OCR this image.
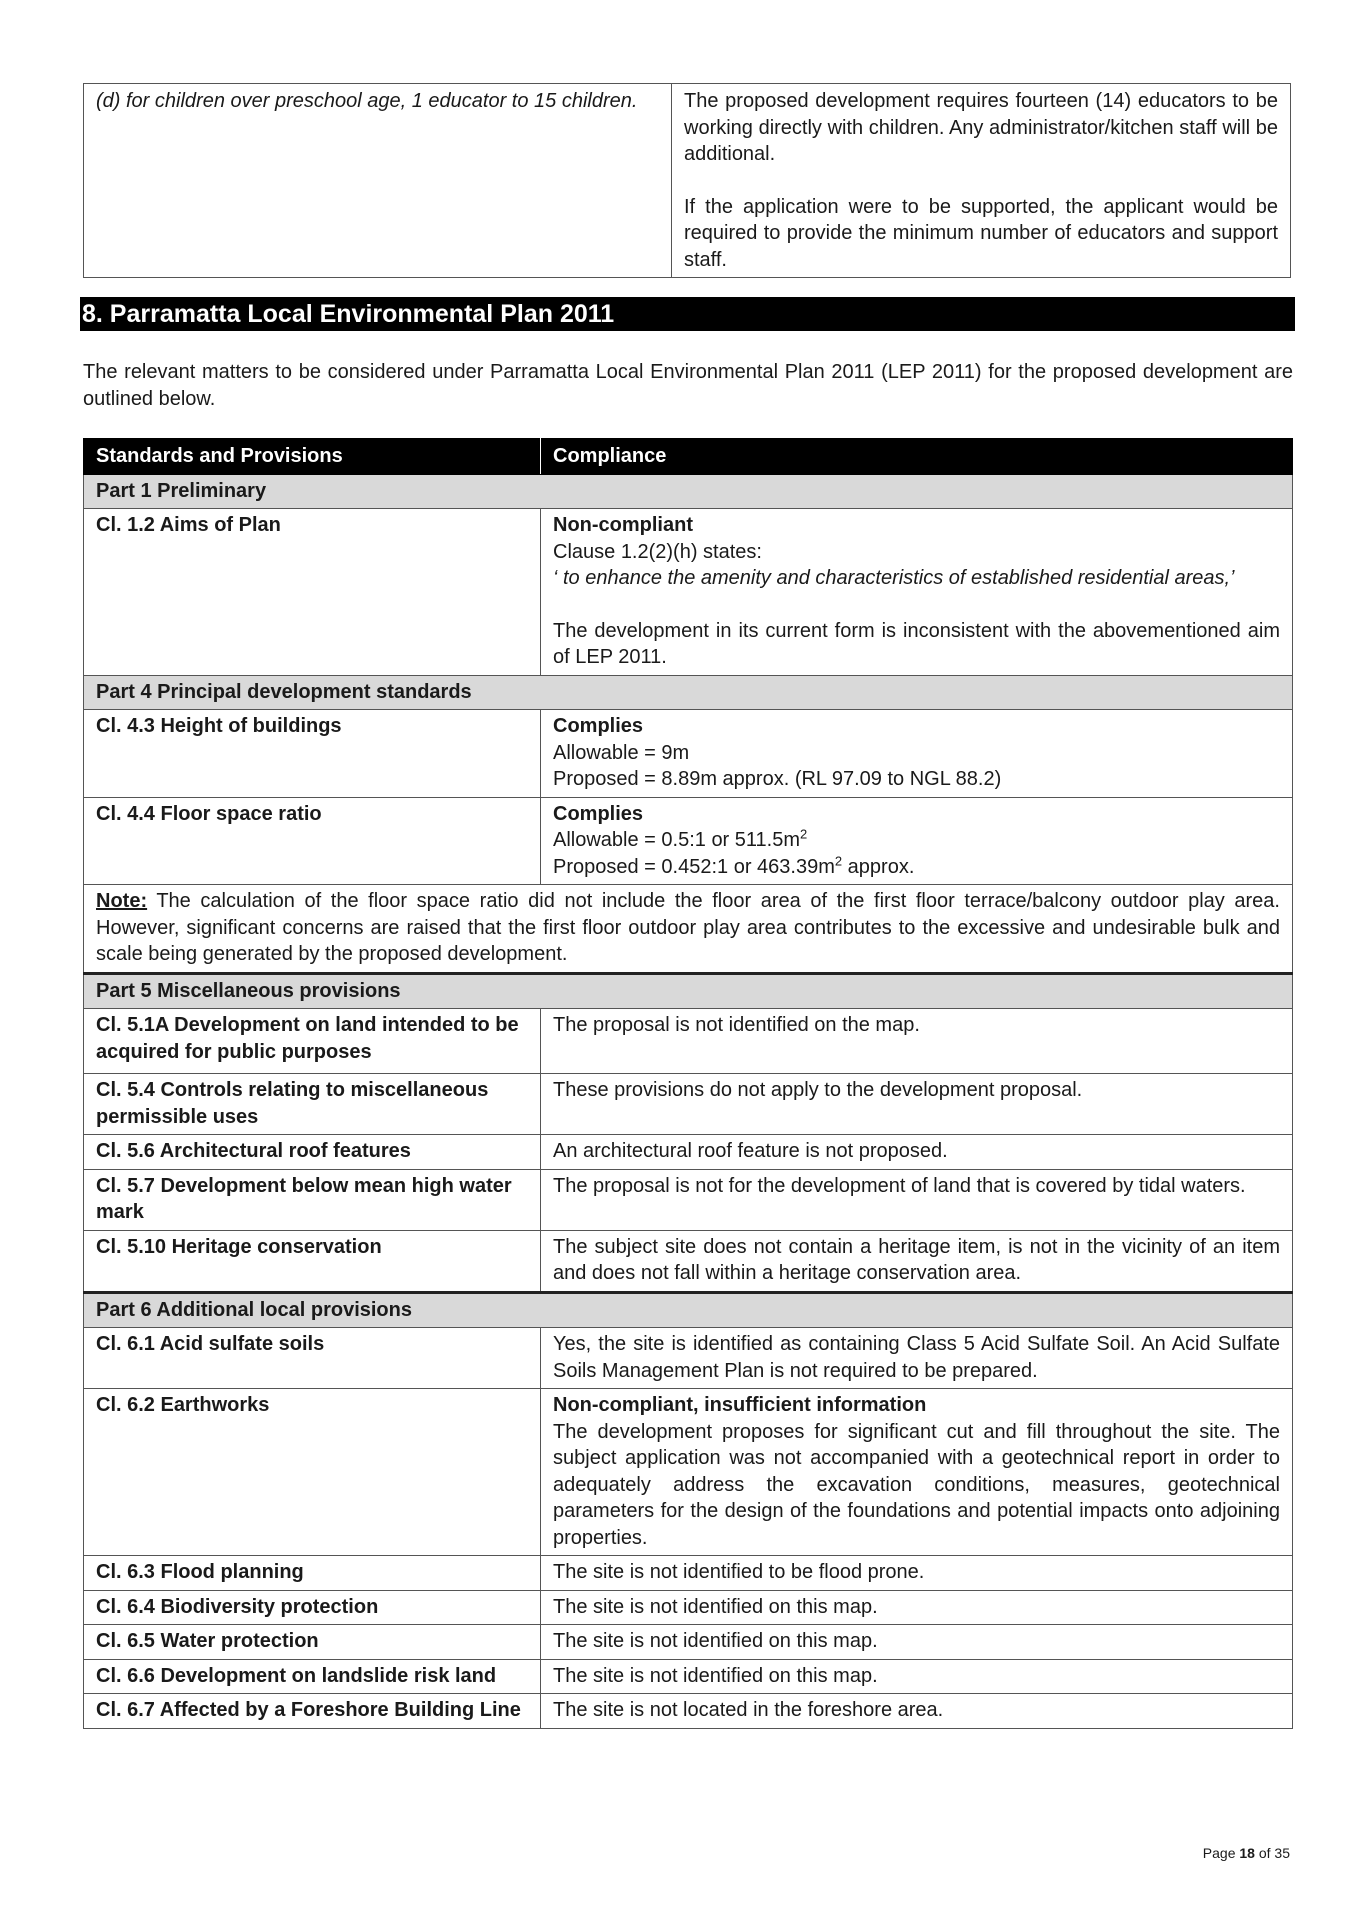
(d) for children over preschool age, 1 educator to 15 children.	The proposed development requires fourteen (14) educators to be working directly with children. Any administrator/kitchen staff will be additional.

If the application were to be supported, the applicant would be required to provide the minimum number of educators and support staff.

8. Parramatta Local Environmental Plan 2011
The relevant matters to be considered under Parramatta Local Environmental Plan 2011 (LEP 2011) for the proposed development are outlined below.
Standards and Provisions	Compliance
Part 1 Preliminary	
Cl. 1.2 Aims of Plan	Non-compliant
Clause 1.2(2)(h) states:
‘ to enhance the amenity and characteristics of established residential areas,’
The development in its current form is inconsistent with the abovementioned aim of LEP 2011.

Part 4 Principal development standards	
Cl. 4.3 Height of buildings	Complies
Allowable = 9m
Proposed = 8.89m approx. (RL 97.09 to NGL 88.2)

Cl. 4.4 Floor space ratio	Complies
Allowable = 0.5:1 or $511.5m^2$
Proposed = 0.452:1 or $463.39m^2$ approx.

Note: The calculation of the floor space ratio did not include the floor area of the first floor terrace/balcony outdoor play area. However, significant concerns are raised that the first floor outdoor play area contributes to the excessive and undesirable bulk and scale being generated by the proposed development.	
Part 5 Miscellaneous provisions	
Cl. 5.1A Development on land intended to be acquired for public purposes	The proposal is not identified on the map.
Cl. 5.4 Controls relating to miscellaneous permissible uses	These provisions do not apply to the development proposal.
Cl. 5.6 Architectural roof features	An architectural roof feature is not proposed.
Cl. 5.7 Development below mean high water mark	The proposal is not for the development of land that is covered by tidal waters.
Cl. 5.10 Heritage conservation	The subject site does not contain a heritage item, is not in the vicinity of an item and does not fall within a heritage conservation area.
Part 6 Additional local provisions	
Cl. 6.1 Acid sulfate soils	Yes, the site is identified as containing Class 5 Acid Sulfate Soil. An Acid Sulfate Soils Management Plan is not required to be prepared.
Cl. 6.2 Earthworks	Non-compliant, insufficient information
The development proposes for significant cut and fill throughout the site. The subject application was not accompanied with a geotechnical report in order to adequately address the excavation conditions, measures, geotechnical parameters for the design of the foundations and potential impacts onto adjoining properties.

Cl. 6.3 Flood planning	The site is not identified to be flood prone.
Cl. 6.4 Biodiversity protection	The site is not identified on this map.
Cl. 6.5 Water protection	The site is not identified on this map.
Cl. 6.6 Development on landslide risk land	The site is not identified on this map.
Cl. 6.7 Affected by a Foreshore Building Line	The site is not located in the foreshore area.
Page 18 of 35
